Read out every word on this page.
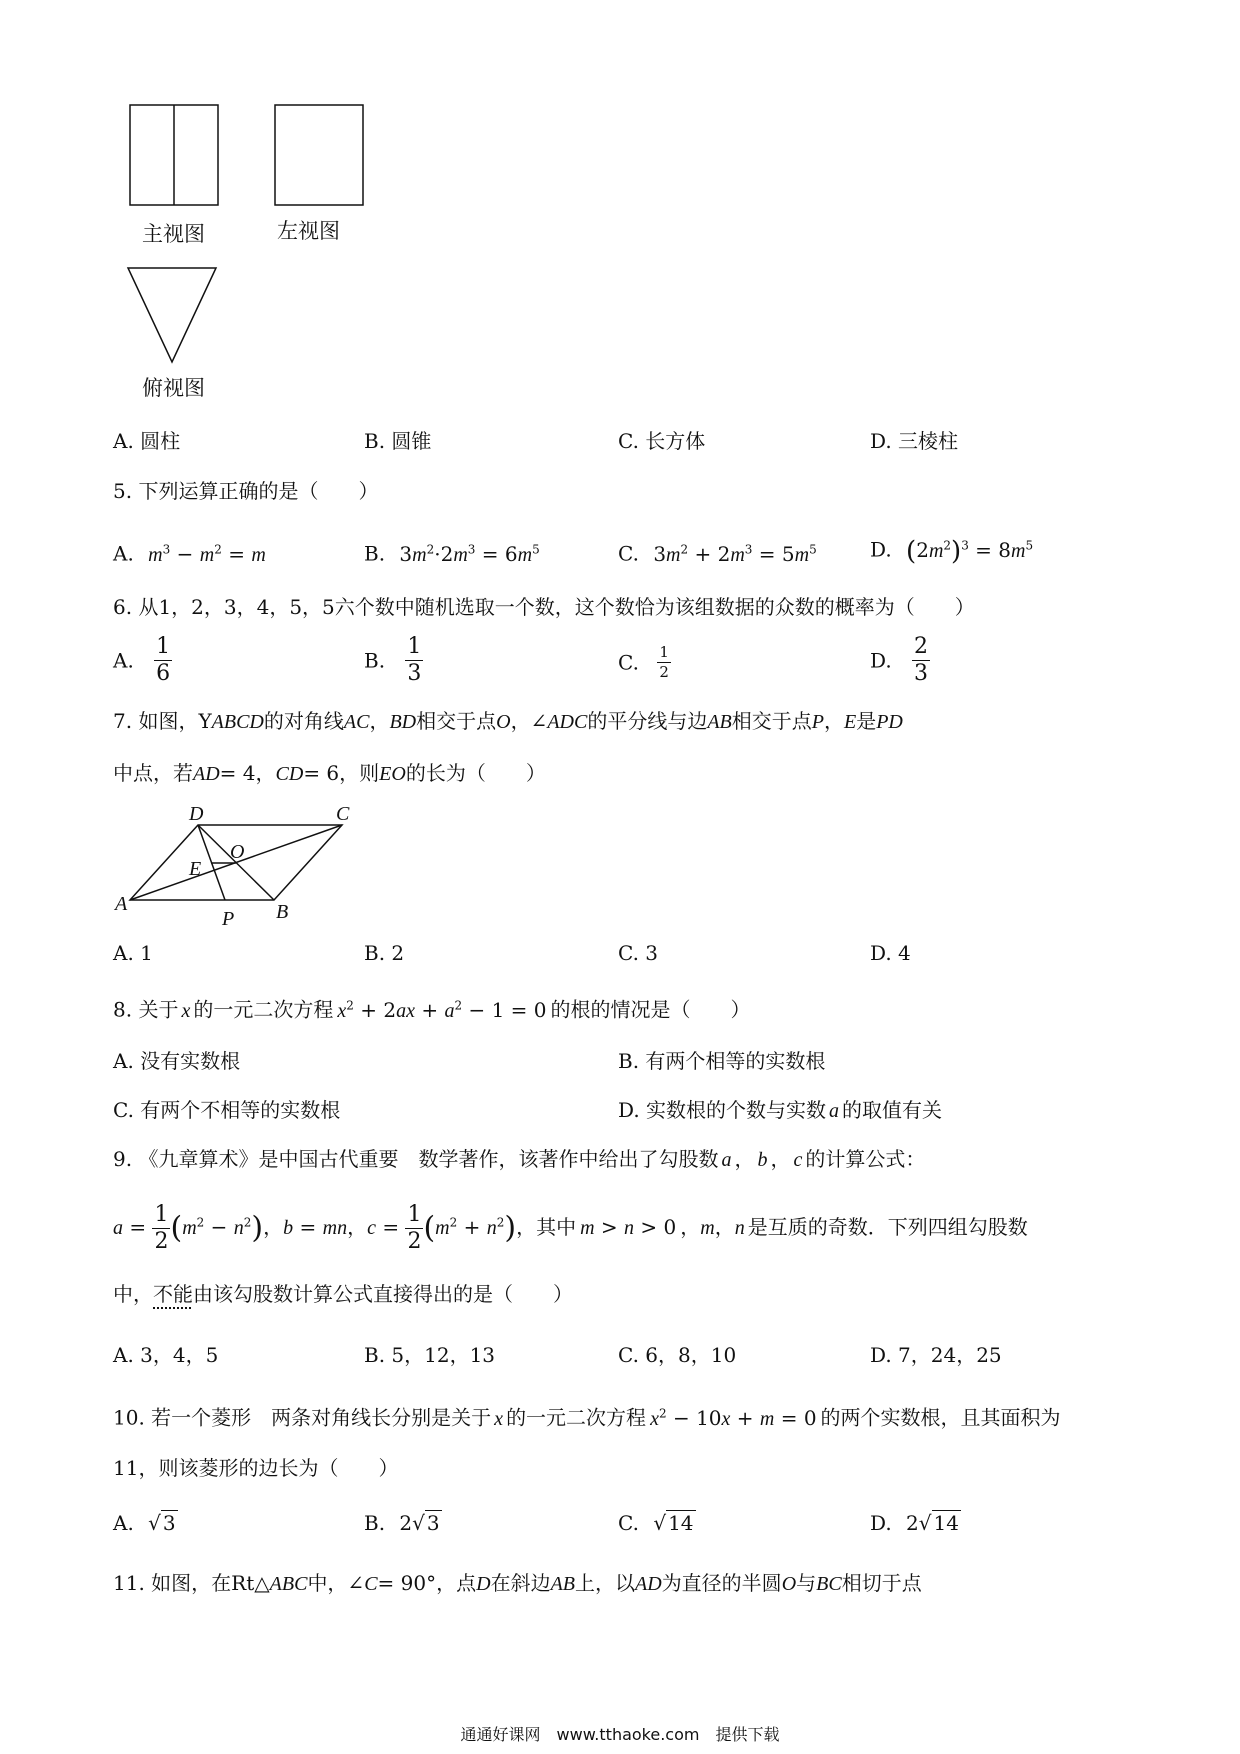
主视图	左视图
俯视图
A. 圆柱	B. 圆锥	C. 长方体	D. 三棱柱
5. 下列运算正确的是（　　）
A. $m^3 - m^2 = m$	B. $3m^2\cdot 2m^3 = 6m^5$	C. $3m^2 + 2m^3 = 5m^5$	D. $(2m^2)^3 = 8m^5$
6. 从1，2，3，4，5，5六个数中随机选取一个数，这个数恰为该组数据的众数的概率为（　　）
A. $\frac{1}{6}$	B. $\frac{1}{3}$	C. $\frac{1}{2}$	D. $\frac{2}{3}$
7. 如图，YABCD的对角线AC，BD相交于点O，∠ADC的平分线与边AB相交于点P，E是PD
中点，若AD= 4，CD= 6，则EO的长为（　　）
D	C
O
E
A
P B
A. 1	B. 2	C. 3	D. 4
8. 关于 x 的一元二次方程 $x^2 + 2ax + a^2 - 1 = 0$ 的根的情况是（　　）
A. 没有实数根	B. 有两个相等的实数根
C. 有两个不相等的实数根	D. 实数根的个数与实数 a 的取值有关
9. 《九章算术》是中国古代重要　数学著作，该著作中给出了勾股数 a ， b ， c 的计算公式：
$a = \frac{1}{2} (m^2 - n^2)$，b = mn，$c = \frac{1}{2} (m^2 + n^2)$，其中 m > n > 0 ，m，n 是互质的奇数．下列四组勾股数
中，不能由该勾股数计算公式直接得出的是（　　）
A. 3，4，5	B. 5，12，13	C. 6，8，10	D. 7，24，25
10. 若一个菱形　两条对角线长分别是关于 x 的一元二次方程 $x^2 - 10x + m = 0$ 的两个实数根，且其面积为
11，则该菱形的边长为（　　）
A. √ 3	B. 2√ 3	C. √ 14	D. 2√ 14
11. 如图，在Rt△ABC中，∠C= 90°，点D在斜边AB上，以AD为直径的半圆O与BC相切于点
通通好课网　www.tthaoke.com　提供下载
